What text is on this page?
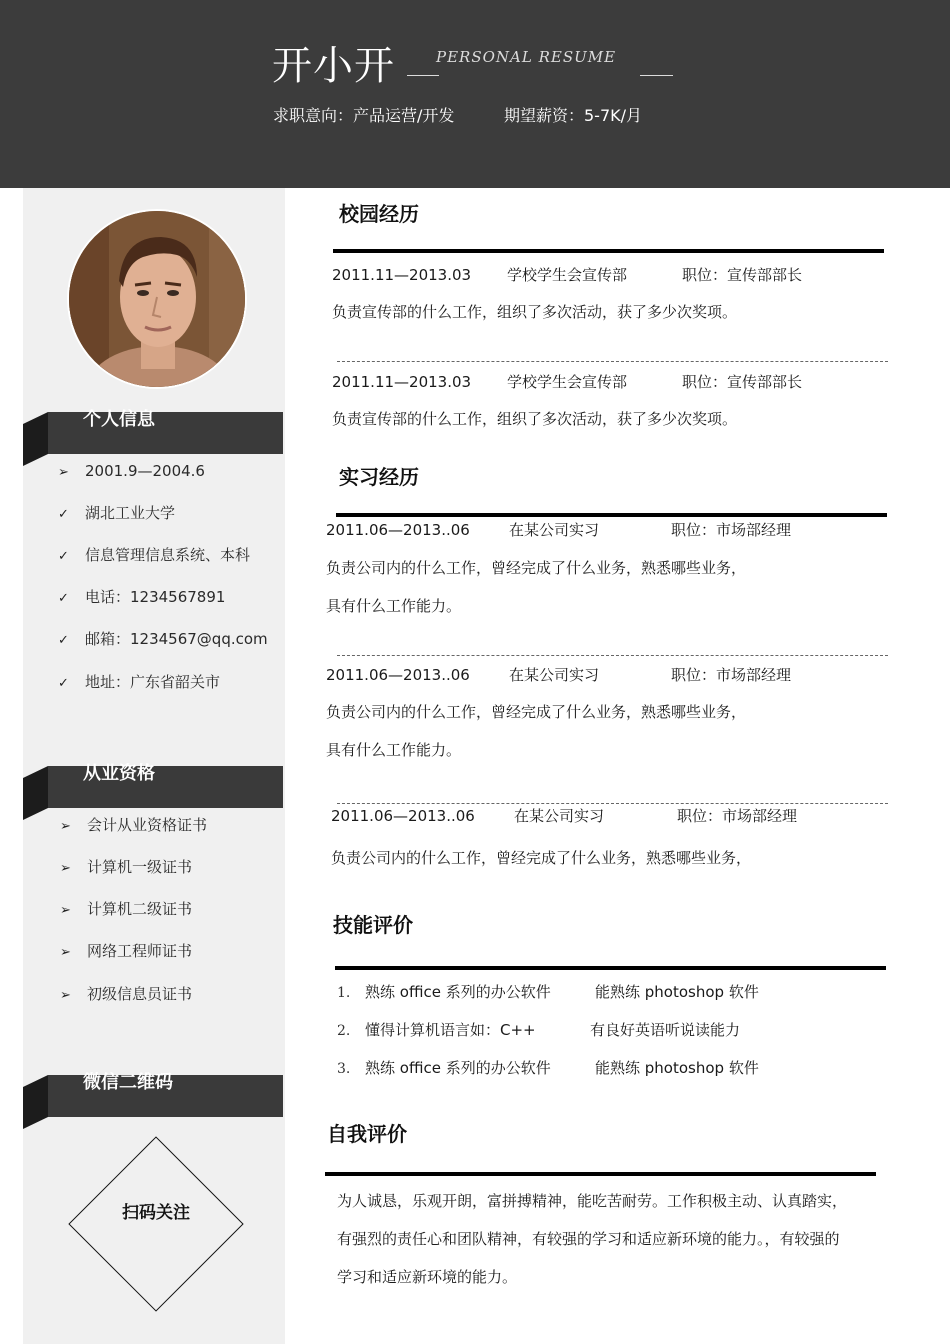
开小开	PERSONAL RESUME
求职意向：产品运营/开发	期望薪资：5-7K/月
个人信息
➢ 2001.9—2004.6
✓ 湖北工业大学
✓ 信息管理信息系统、本科
✓ 电话：1234567891
✓ 邮箱：1234567@qq.com
✓ 地址：广东省韶关市
从业资格
➢ 会计从业资格证书
➢ 计算机一级证书
➢ 计算机二级证书
➢ 网络工程师证书
➢ 初级信息员证书
微信二维码
扫码关注
校园经历
2011.11—2013.03 学校学生会宣传部	职位：宣传部部长
负责宣传部的什么工作，组织了多次活动，获了多少次奖项。
2011.11—2013.03 学校学生会宣传部	职位：宣传部部长
负责宣传部的什么工作，组织了多次活动，获了多少次奖项。
实习经历
2011.06—2013..06	在某公司实习	职位：市场部经理
负责公司内的什么工作，曾经完成了什么业务，熟悉哪些业务，
具有什么工作能力。
2011.06—2013..06	在某公司实习	职位：市场部经理
负责公司内的什么工作，曾经完成了什么业务，熟悉哪些业务，
具有什么工作能力。
2011.06—2013..06	在某公司实习	职位：市场部经理
负责公司内的什么工作，曾经完成了什么业务，熟悉哪些业务，
技能评价
1. 熟练 office 系列的办公软件	能熟练 photoshop 软件
2. 懂得计算机语言如：C++	有良好英语听说读能力
3. 熟练 office 系列的办公软件	能熟练 photoshop 软件
自我评价
为人诚恳，乐观开朗，富拼搏精神，能吃苦耐劳。工作积极主动、认真踏实，
有强烈的责任心和团队精神，有较强的学习和适应新环境的能力。，有较强的
学习和适应新环境的能力。
